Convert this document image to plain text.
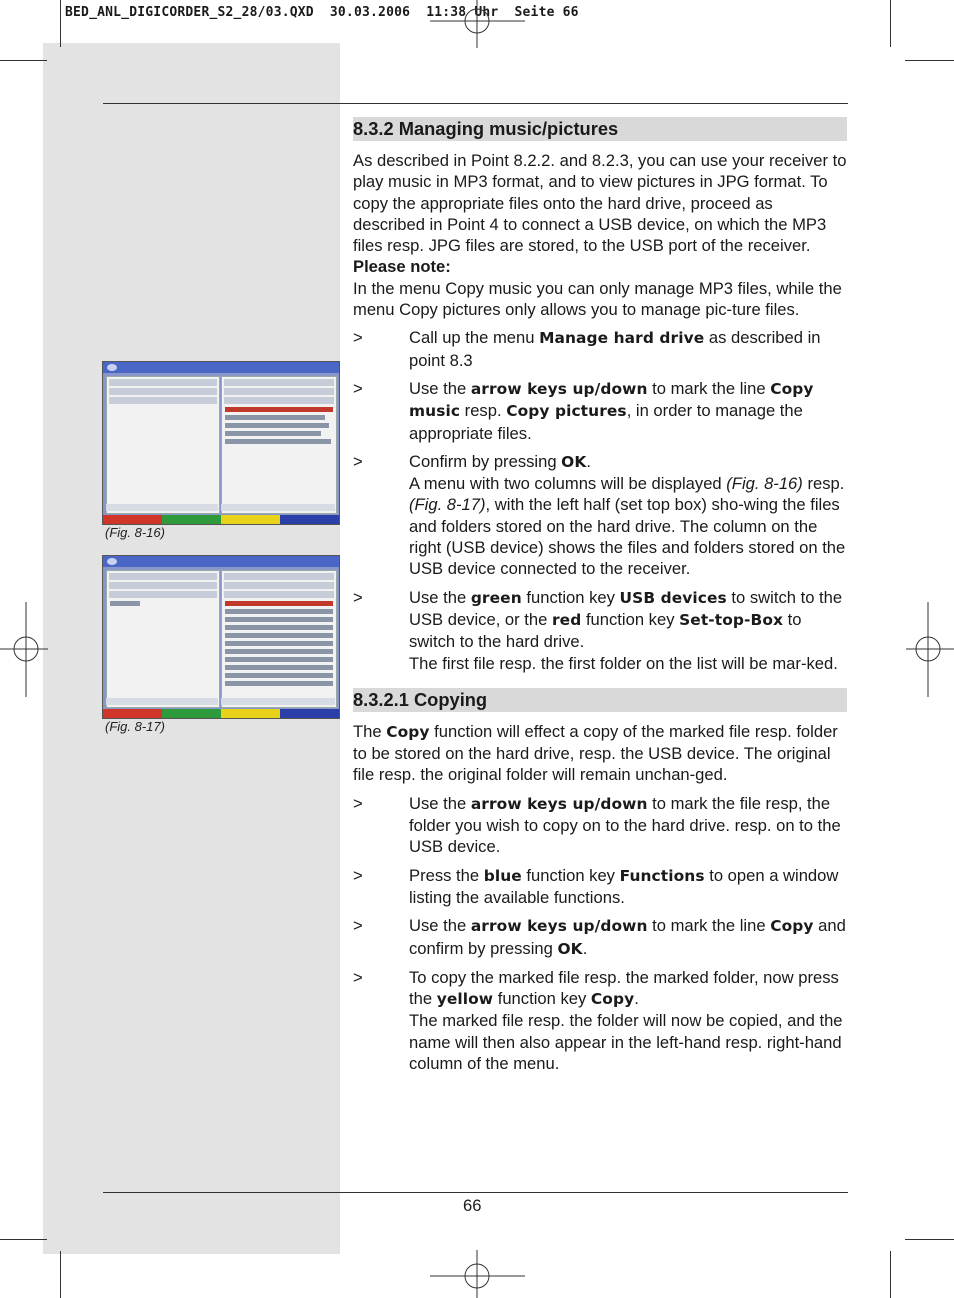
BED_ANL_DIGICORDER_S2_28/03.QXD  30.03.2006  11:38 Uhr  Seite 66
(Fig. 8-16)
(Fig. 8-17)
8.3.2 Managing music/pictures

As described in Point 8.2.2. and 8.2.3, you can use your receiver to play music in MP3 format, and to view pictures in JPG format. To copy the appropriate files onto the hard drive, proceed as described in Point 4 to connect a USB device, on which the MP3 files resp. JPG files are stored, to the USB port of the receiver.

Please note:

In the menu Copy music you can only manage MP3 files, while the menu Copy pictures only allows you to manage pic-ture files.

>	Call up the menu Manage hard drive as described in point 8.3
>	Use the arrow keys up/down to mark the line Copy music resp. Copy pictures, in order to manage the appropriate files.
>	Confirm by pressing OK.
A menu with two columns will be displayed (Fig. 8-16) resp. (Fig. 8-17), with the left half (set top box) sho-wing the files and folders stored on the hard drive. The column on the right (USB device) shows the files and folders stored on the USB device connected to the receiver.
>	Use the green function key USB devices to switch to the USB device, or the red function key Set-top-Box to switch to the hard drive.
The first file resp. the first folder on the list will be mar-ked.
8.3.2.1 Copying

The Copy function will effect a copy of the marked file resp. folder to be stored on the hard drive, resp. the USB device. The original file resp. the original folder will remain unchan-ged.

>	Use the arrow keys up/down to mark the file resp, the folder you wish to copy on to the hard drive. resp. on to the USB device.
>	Press the blue function key Functions to open a window listing the available functions.
>	Use the arrow keys up/down to mark the line Copy and confirm by pressing OK.
>	To copy the marked file resp. the marked folder, now press the yellow function key Copy.
The marked file resp. the folder will now be copied, and the name will then also appear in the left-hand resp. right-hand column of the menu.
66
